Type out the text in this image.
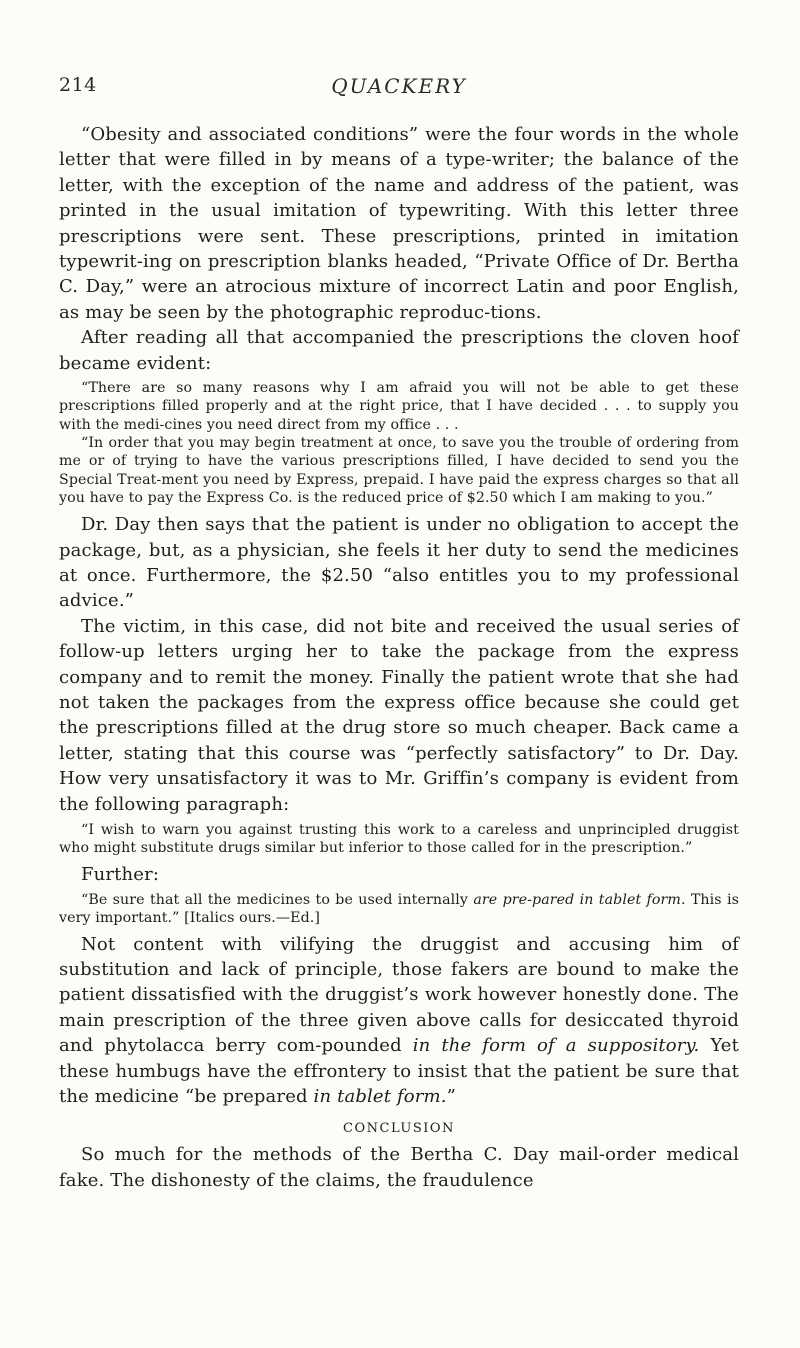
214	QUACKERY

“Obesity and associated conditions” were the four words in the whole letter that were filled in by means of a type-writer; the balance of the letter, with the exception of the name and address of the patient, was printed in the usual imitation of typewriting. With this letter three prescriptions were sent. These prescriptions, printed in imitation typewrit-ing on prescription blanks headed, “Private Office of Dr. Bertha C. Day,” were an atrocious mixture of incorrect Latin and poor English, as may be seen by the photographic reproduc-tions.

After reading all that accompanied the prescriptions the cloven hoof became evident:

“There are so many reasons why I am afraid you will not be able to get these prescriptions filled properly and at the right price, that I have decided . . . to supply you with the medi-cines you need direct from my office . . .

“In order that you may begin treatment at once, to save you the trouble of ordering from me or of trying to have the various prescriptions filled, I have decided to send you the Special Treat-ment you need by Express, prepaid. I have paid the express charges so that all you have to pay the Express Co. is the reduced price of $2.50 which I am making to you.”

Dr. Day then says that the patient is under no obligation to accept the package, but, as a physician, she feels it her duty to send the medicines at once. Furthermore, the $2.50 “also entitles you to my professional advice.”

The victim, in this case, did not bite and received the usual series of follow-up letters urging her to take the package from the express company and to remit the money. Finally the patient wrote that she had not taken the packages from the express office because she could get the prescriptions filled at the drug store so much cheaper. Back came a letter, stating that this course was “perfectly satisfactory” to Dr. Day. How very unsatisfactory it was to Mr. Griffin’s company is evident from the following paragraph:

“I wish to warn you against trusting this work to a careless and unprincipled druggist who might substitute drugs similar but inferior to those called for in the prescription.”

Further:

“Be sure that all the medicines to be used internally are pre-pared in tablet form. This is very important.” [Italics ours.—Ed.]

Not content with vilifying the druggist and accusing him of substitution and lack of principle, those fakers are bound to make the patient dissatisfied with the druggist’s work however honestly done. The main prescription of the three given above calls for desiccated thyroid and phytolacca berry com-pounded in the form of a suppository. Yet these humbugs have the effrontery to insist that the patient be sure that the medicine “be prepared in tablet form.”

CONCLUSION

So much for the methods of the Bertha C. Day mail-order medical fake. The dishonesty of the claims, the fraudulence
